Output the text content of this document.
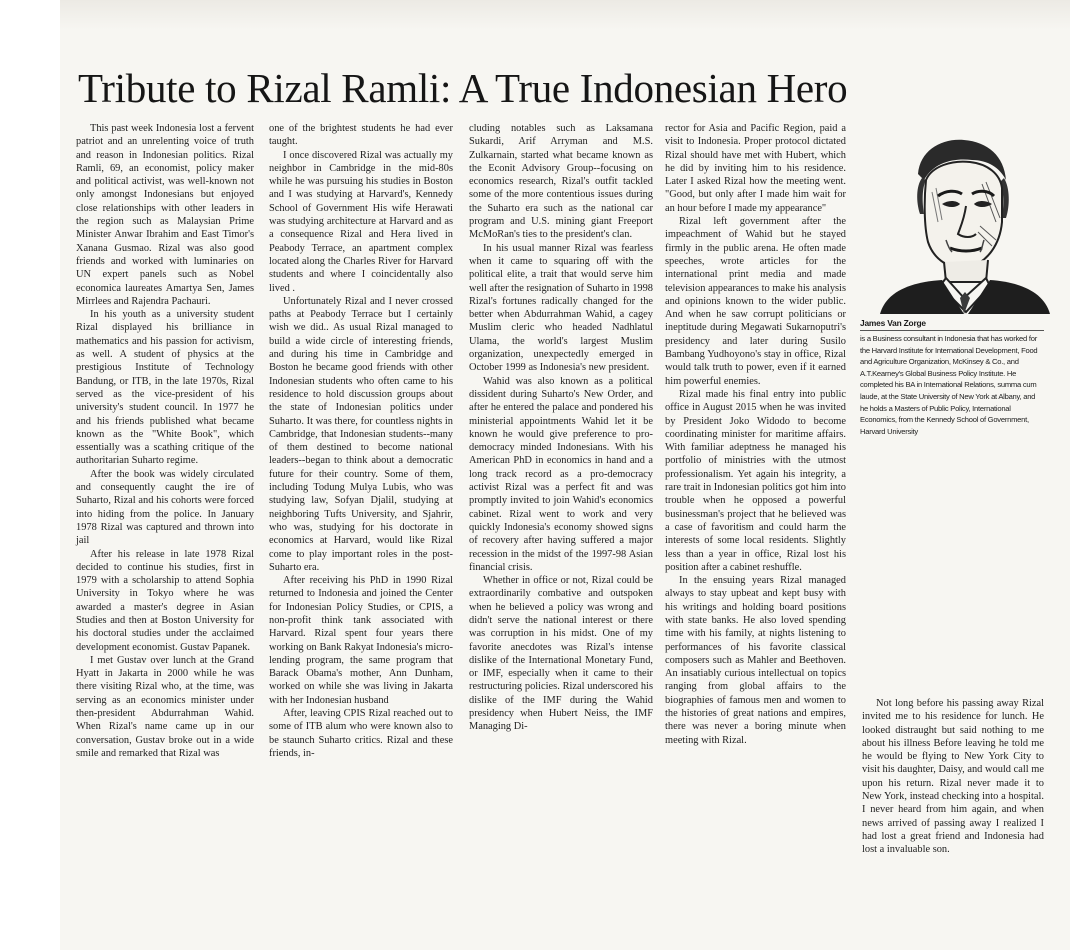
Tribute to Rizal Ramli: A True Indonesian Hero

This past week Indonesia lost a fervent patriot and an unrelenting voice of truth and reason in Indonesian politics. Rizal Ramli, 69, an economist, policy maker and political activist, was well-known not only amongst Indonesians but enjoyed close relationships with other leaders in the region such as Malaysian Prime Minister Anwar Ibrahim and East Timor's Xanana Gusmao. Rizal was also good friends and worked with luminaries on UN expert panels such as Nobel economica laureates Amartya Sen, James Mirrlees and Rajendra Pachauri.

In his youth as a university student Rizal displayed his brilliance in mathematics and his passion for activism, as well. A student of physics at the prestigious Institute of Technology Bandung, or ITB, in the late 1970s, Rizal served as the vice-president of his university's student council. In 1977 he and his friends published what became known as the "White Book", which essentially was a scathing critique of the authoritarian Suharto regime.

After the book was widely circulated and consequently caught the ire of Suharto, Rizal and his cohorts were forced into hiding from the police. In January 1978 Rizal was captured and thrown into jail

After his release in late 1978 Rizal decided to continue his studies, first in 1979 with a scholarship to attend Sophia University in Tokyo where he was awarded a master's degree in Asian Studies and then at Boston University for his doctoral studies under the acclaimed development economist. Gustav Papanek.

I met Gustav over lunch at the Grand Hyatt in Jakarta in 2000 while he was there visiting Rizal who, at the time, was serving as an economics minister under then-president Abdurrahman Wahid. When Rizal's name came up in our conversation, Gustav broke out in a wide smile and remarked that Rizal was

one of the brightest students he had ever taught.

I once discovered Rizal was actually my neighbor in Cambridge in the mid-80s while he was pursuing his studies in Boston and I was studying at Harvard's, Kennedy School of Government His wife Herawati was studying architecture at Harvard and as a consequence Rizal and Hera lived in Peabody Terrace, an apartment complex located along the Charles River for Harvard students and where I coincidentally also lived .

Unfortunately Rizal and I never crossed paths at Peabody Terrace but I certainly wish we did.. As usual Rizal managed to build a wide circle of interesting friends, and during his time in Cambridge and Boston he became good friends with other Indonesian students who often came to his residence to hold discussion groups about the state of Indonesian politics under Suharto. It was there, for countless nights in Cambridge, that Indonesian students--many of them destined to become national leaders--began to think about a democratic future for their country. Some of them, including Todung Mulya Lubis, who was studying law, Sofyan Djalil, studying at neighboring Tufts University, and Sjahrir, who was, studying for his doctorate in economics at Harvard, would like Rizal come to play important roles in the post-Suharto era.

After receiving his PhD in 1990 Rizal returned to Indonesia and joined the Center for Indonesian Policy Studies, or CPIS, a non-profit think tank associated with Harvard. Rizal spent four years there working on Bank Rakyat Indonesia's micro-lending program, the same program that Barack Obama's mother, Ann Dunham, worked on while she was living in Jakarta with her Indonesian husband

After, leaving CPIS Rizal reached out to some of ITB alum who were known also to be staunch Suharto critics. Rizal and these friends, in-

cluding notables such as Laksamana Sukardi, Arif Arryman and M.S. Zulkarnain, started what became known as the Econit Advisory Group--focusing on economics research, Rizal's outfit tackled some of the more contentious issues during the Suharto era such as the national car program and U.S. mining giant Freeport McMoRan's ties to the president's clan.

In his usual manner Rizal was fearless when it came to squaring off with the political elite, a trait that would serve him well after the resignation of Suharto in 1998 Rizal's fortunes radically changed for the better when Abdurrahman Wahid, a cagey Muslim cleric who headed Nadhlatul Ulama, the world's largest Muslim organization, unexpectedly emerged in October 1999 as Indonesia's new president.

Wahid was also known as a political dissident during Suharto's New Order, and after he entered the palace and pondered his ministerial appointments Wahid let it be known he would give preference to pro-democracy minded Indonesians. With his American PhD in economics in hand and a long track record as a pro-democracy activist Rizal was a perfect fit and was promptly invited to join Wahid's economics cabinet. Rizal went to work and very quickly Indonesia's economy showed signs of recovery after having suffered a major recession in the midst of the 1997-98 Asian financial crisis.

Whether in office or not, Rizal could be extraordinarily combative and outspoken when he believed a policy was wrong and didn't serve the national interest or there was corruption in his midst. One of my favorite anecdotes was Rizal's intense dislike of the International Monetary Fund, or IMF, especially when it came to their restructuring policies. Rizal underscored his dislike of the IMF during the Wahid presidency when Hubert Neiss, the IMF Managing Di-

rector for Asia and Pacific Region, paid a visit to Indonesia. Proper protocol dictated Rizal should have met with Hubert, which he did by inviting him to his residence. Later I asked Rizal how the meeting went. "Good, but only after I made him wait for an hour before I made my appearance"

Rizal left government after the impeachment of Wahid but he stayed firmly in the public arena. He often made speeches, wrote articles for the international print media and made television appearances to make his analysis and opinions known to the wider public. And when he saw corrupt politicians or ineptitude during Megawati Sukarnoputri's presidency and later during Susilo Bambang Yudhoyono's stay in office, Rizal would talk truth to power, even if it earned him powerful enemies.

Rizal made his final entry into public office in August 2015 when he was invited by President Joko Widodo to become coordinating minister for maritime affairs. With familiar adeptness he managed his portfolio of ministries with the utmost professionalism. Yet again his integrity, a rare trait in Indonesian politics got him into trouble when he opposed a powerful businessman's project that he believed was a case of favoritism and could harm the interests of some local residents. Slightly less than a year in office, Rizal lost his position after a cabinet reshuffle.

In the ensuing years Rizal managed always to stay upbeat and kept busy with his writings and holding board positions with state banks. He also loved spending time with his family, at nights listening to performances of his favorite classical composers such as Mahler and Beethoven. An insatiably curious intellectual on topics ranging from global affairs to the biographies of famous men and women to the histories of great nations and empires, there was never a boring minute when meeting with Rizal.

Not long before his passing away Rizal invited me to his residence for lunch. He looked distraught but said nothing to me about his illness Before leaving he told me he would be flying to New York City to visit his daughter, Daisy, and would call me upon his return. Rizal never made it to New York, instead checking into a hospital. I never heard from him again, and when news arrived of passing away I realized I had lost a great friend and Indonesia had lost a invaluable son.

James Van Zorge
is a Business consultant in Indonesia that has worked for the Harvard Institute for International Development, Food and Agriculture Organization, McKinsey & Co., and A.T.Kearney's Global Business Policy Institute. He completed his BA in International Relations, summa cum laude, at the State University of New York at Albany, and he holds a Masters of Public Policy, International Economics, from the Kennedy School of Government, Harvard University
